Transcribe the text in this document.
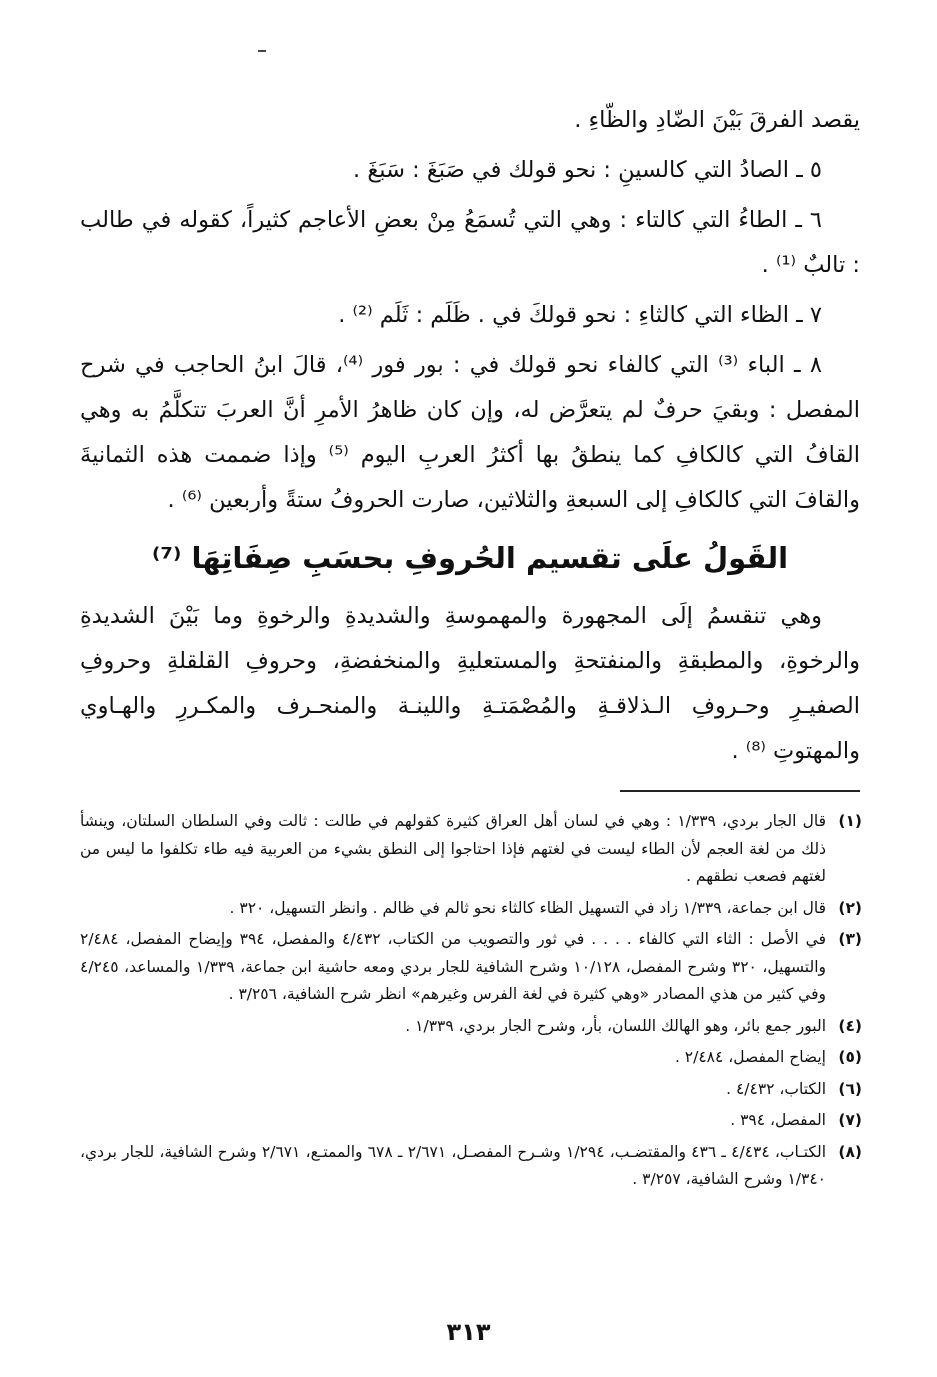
يقصد الفرقَ بَيْنَ الضّادِ والظّاءِ .

٥ ـ الصادُ التي كالسينِ : نحو قولك في صَبَغَ : سَبَغَ .

٦ ـ الطاءُ التي كالتاء : وهي التي تُسمَعُ مِنْ بعضِ الأعاجم كثيراً، كقوله في طالب : تالبٌ ⁽¹⁾ .

٧ ـ الظاء التي كالثاءِ : نحو قولكَ في . ظَلَم : ثَلَم ⁽²⁾ .

٨ ـ الباء ⁽³⁾ التي كالفاء نحو قولك في : بور فور ⁽⁴⁾، قالَ ابنُ الحاجب في شرح المفصل : وبقيَ حرفٌ لم يتعرَّض له، وإن كان ظاهرُ الأمرِ أنَّ العربَ تتكلَّمُ به وهي القافُ التي كالكافِ كما ينطقُ بها أكثرُ العربِ اليوم ⁽⁵⁾ وإذا ضممت هذه الثمانيةَ والقافَ التي كالكافِ إلى السبعةِ والثلاثين، صارت الحروفُ ستةً وأربعين ⁽⁶⁾ .

القَولُ علَى تقسيم الحُروفِ بحسَبِ صِفَاتِهَا ⁽⁷⁾

وهي تنقسمُ إلَى المجهورة والمهموسةِ والشديدةِ والرخوةِ وما بَيْنَ الشديدةِ والرخوةِ، والمطبقةِ والمنفتحةِ والمستعليةِ والمنخفضةِ، وحروفِ القلقلةِ وحروفِ الصفيـرِ وحـروفِ الـذلاقـةِ والمُصْمَتـةِ واللينـة والمنحـرف والمكـررِ والهـاوي والمهتوتِ ⁽⁸⁾ .

(١)
قال الجار بردي، ١/٣٣٩ : وهي في لسان أهل العراق كثيرة كقولهم في طالت : ثالت وفي السلطان السلتان، وينشأ ذلك من لغة العجم لأن الطاء ليست في لغتهم فإذا احتاجوا إلى النطق بشيء من العربية فيه طاء تكلفوا ما ليس من لغتهم فصعب نطقهم .
(٢)
قال ابن جماعة، ١/٣٣٩ زاد في التسهيل الظاء كالثاء نحو ثالم في ظالم . وانظر التسهيل، ٣٢٠ .
(٣)
في الأصل : الثاء التي كالفاء . . . . في ثور والتصويب من الكتاب، ٤/٤٣٢ والمفصل، ٣٩٤ وإيضاح المفصل، ٢/٤٨٤ والتسهيل، ٣٢٠ وشرح المفصل، ١٠/١٢٨ وشرح الشافية للجار بردي ومعه حاشية ابن جماعة، ١/٣٣٩ والمساعد، ٤/٢٤٥ وفي كثير من هذي المصادر «وهي كثيرة في لغة الفرس وغيرهم» انظر شرح الشافية، ٣/٢٥٦ .
(٤)
البور جمع بائر، وهو الهالك اللسان، بأر، وشرح الجار بردي، ١/٣٣٩ .
(٥)
إيضاح المفصل، ٢/٤٨٤ .
(٦)
الكتاب، ٤/٤٣٢ .
(٧)
المفصل، ٣٩٤ .
(٨)
الكتـاب، ٤/٤٣٤ ـ ٤٣٦ والمقتضـب، ١/٢٩٤ وشـرح المفصـل، ٢/٦٧١ ـ ٦٧٨ والممتـع، ٢/٦٧١ وشرح الشافية، للجار بردي، ١/٣٤٠ وشرح الشافية، ٣/٢٥٧ .
٣١٣
